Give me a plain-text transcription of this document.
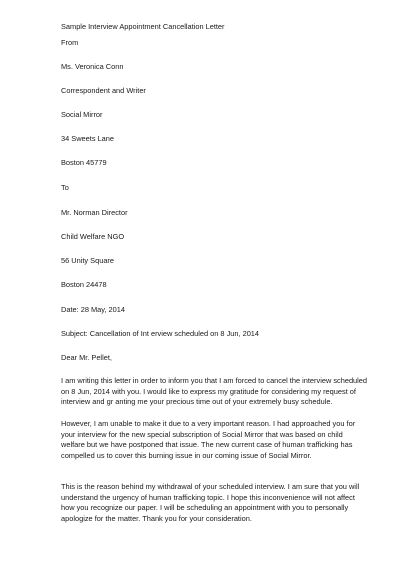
Sample Interview Appointment Cancellation Letter

From

Ms. Veronica Conn

Correspondent and Writer

Social Mirror

34 Sweets Lane

Boston 45779

To

Mr. Norman Director

Child Welfare NGO

56 Unity Square

Boston 24478

Date: 28 May, 2014

Subject: Cancellation of Int erview scheduled on 8 Jun, 2014

Dear Mr. Pellet,

I am writing this letter in order to inform you that I am forced to cancel the interview scheduled
on 8 Jun, 2014 with you. I would like to express my gratitude for considering my request of
interview and gr anting me your precious time out of your extremely busy schedule.
However, I am unable to make it due to a very important reason. I had approached you for
your interview for the new special subscription of Social Mirror that was based on child
welfare but we have postponed that issue. The new current case of human trafficking has
compelled us to cover this burning issue in our coming issue of Social Mirror.
This is the reason behind my withdrawal of your scheduled interview. I am sure that you will
understand the urgency of human trafficking topic. I hope this inconvenience will not affect
how you recognize our paper. I will be scheduling an appointment with you to personally
apologize for the matter. Thank you for your consideration.
